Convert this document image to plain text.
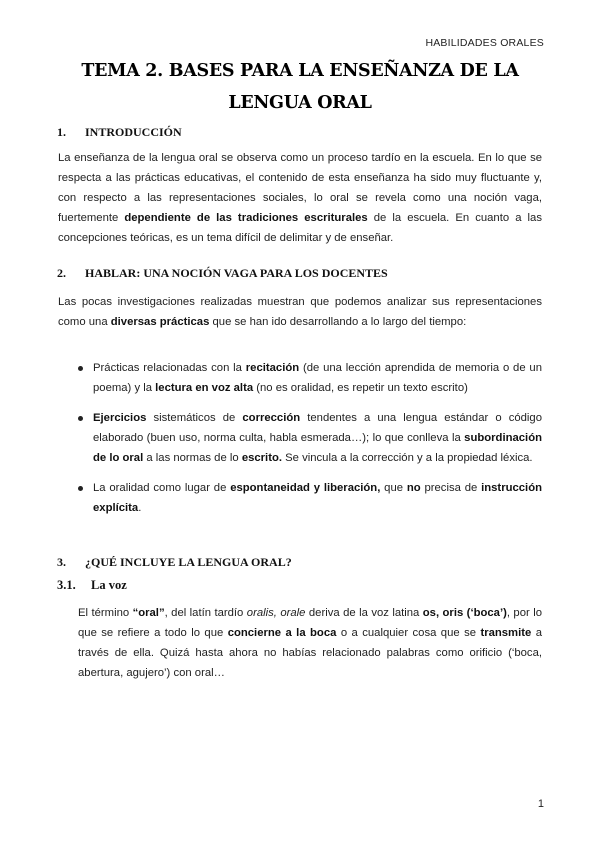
HABILIDADES ORALES
TEMA 2. BASES PARA LA ENSEÑANZA DE LA
LENGUA ORAL
1. INTRODUCCIÓN

La enseñanza de la lengua oral se observa como un proceso tardío en la escuela. En lo que se respecta a las prácticas educativas, el contenido de esta enseñanza ha sido muy fluctuante y, con respecto a las representaciones sociales, lo oral se revela como una noción vaga, fuertemente dependiente de las tradiciones escriturales de la escuela. En cuanto a las concepciones teóricas, es un tema difícil de delimitar y de enseñar.

2. HABLAR: UNA NOCIÓN VAGA PARA LOS DOCENTES

Las pocas investigaciones realizadas muestran que podemos analizar sus representaciones como una diversas prácticas que se han ido desarrollando a lo largo del tiempo:

Prácticas relacionadas con la recitación (de una lección aprendida de memoria o de un poema) y la lectura en voz alta (no es oralidad, es repetir un texto escrito)
Ejercicios sistemáticos de corrección tendentes a una lengua estándar o código elaborado (buen uso, norma culta, habla esmerada…); lo que conlleva la subordinación de lo oral a las normas de lo escrito. Se vincula a la corrección y a la propiedad léxica.
La oralidad como lugar de espontaneidad y liberación, que no precisa de instrucción explícita.
3. ¿QUÉ INCLUYE LA LENGUA ORAL?
3.1. La voz

El término “oral”, del latín tardío oralis, orale deriva de la voz latina os, oris (‘boca’), por lo que se refiere a todo lo que concierne a la boca o a cualquier cosa que se transmite a través de ella. Quizá hasta ahora no habías relacionado palabras como orificio (‘boca, abertura, agujero’) con oral…

1
